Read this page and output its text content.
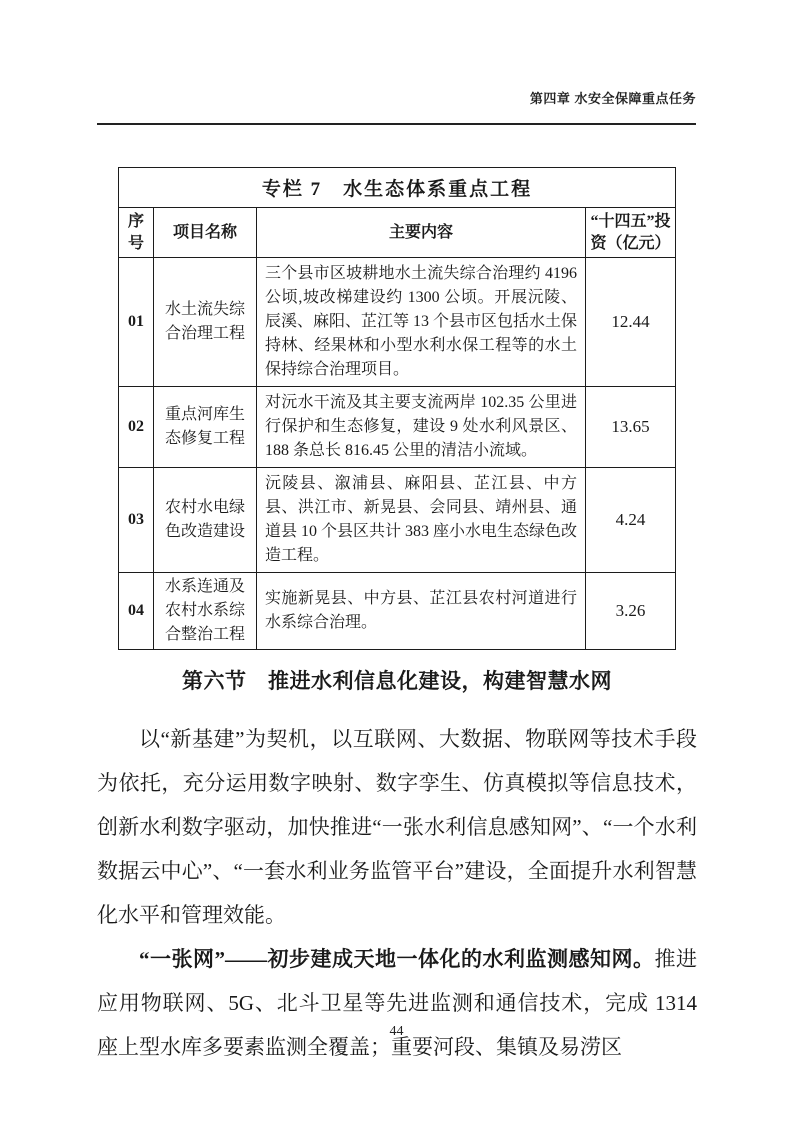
第四章 水安全保障重点任务
专栏 7　水生态体系重点工程			
序号	项目名称	主要内容	“十四五”投资（亿元）
01	水土流失综合治理工程	三个县市区坡耕地水土流失综合治理约 4196 公顷,坡改梯建设约 1300 公顷。开展沅陵、辰溪、麻阳、芷江等 13 个县市区包括水土保持林、经果林和小型水利水保工程等的水土保持综合治理项目。	12.44
02	重点河库生态修复工程	对沅水干流及其主要支流两岸 102.35 公里进行保护和生态修复，建设 9 处水利风景区、188 条总长 816.45 公里的清洁小流域。	13.65
03	农村水电绿色改造建设	沅陵县、溆浦县、麻阳县、芷江县、中方县、洪江市、新晃县、会同县、靖州县、通道县 10 个县区共计 383 座小水电生态绿色改造工程。	4.24
04	水系连通及农村水系综合整治工程	实施新晃县、中方县、芷江县农村河道进行水系综合治理。	3.26
第六节　推进水利信息化建设，构建智慧水网

以“新基建”为契机，以互联网、大数据、物联网等技术手段为依托，充分运用数字映射、数字孪生、仿真模拟等信息技术，创新水利数字驱动，加快推进“一张水利信息感知网”、“一个水利数据云中心”、“一套水利业务监管平台”建设，全面提升水利智慧化水平和管理效能。

“一张网”——初步建成天地一体化的水利监测感知网。推进应用物联网、5G、北斗卫星等先进监测和通信技术，完成 1314 座上型水库多要素监测全覆盖；重要河段、集镇及易涝区

44
